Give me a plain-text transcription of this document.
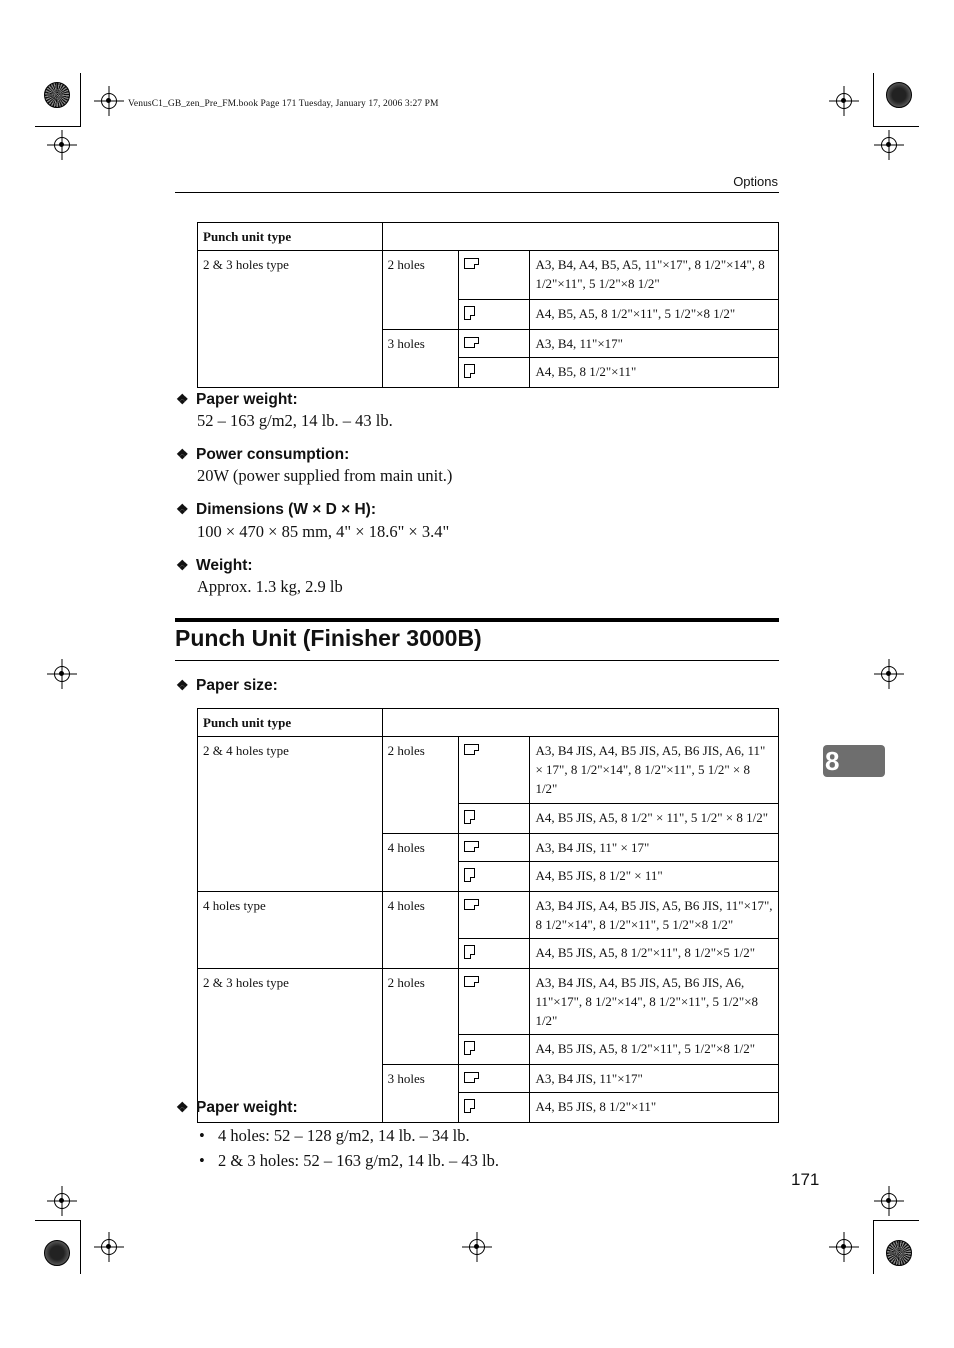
VenusC1_GB_zen_Pre_FM.book Page 171 Tuesday, January 17, 2006 3:27 PM
Options
Punch unit type			
2 & 3 holes type	2 holes		A3, B4, A4, B5, A5, 11"×17", 8 1/2"×14", 8 1/2"×11", 5 1/2"×8 1/2"
			A4, B5, A5, 8 1/2"×11", 5 1/2"×8 1/2"
	3 holes		A3, B4, 11"×17"
			A4, B5, 8 1/2"×11"
❖ Paper weight:
52 – 163 g/m2, 14 lb. – 43 lb.
❖ Power consumption:
20W (power supplied from main unit.)
❖ Dimensions (W × D × H):
100 × 470 × 85 mm, 4" × 18.6" × 3.4"
❖ Weight:
Approx. 1.3 kg, 2.9 lb
Punch Unit (Finisher 3000B)
❖ Paper size:
Punch unit type			
2 & 4 holes type	2 holes		A3, B4 JIS, A4, B5 JIS, A5, B6 JIS, A6, 11" × 17", 8 1/2"×14", 8 1/2"×11", 5 1/2" × 8 1/2"
			A4, B5 JIS, A5, 8 1/2" × 11", 5 1/2" × 8 1/2"
	4 holes		A3, B4 JIS, 11" × 17"
			A4, B5 JIS, 8 1/2" × 11"
4 holes type	4 holes		A3, B4 JIS, A4, B5 JIS, A5, B6 JIS, 11"×17", 8 1/2"×14", 8 1/2"×11", 5 1/2"×8 1/2"
			A4, B5 JIS, A5, 8 1/2"×11", 8 1/2"×5 1/2"
2 & 3 holes type	2 holes		A3, B4 JIS, A4, B5 JIS, A5, B6 JIS, A6, 11"×17", 8 1/2"×14", 8 1/2"×11", 5 1/2"×8 1/2"
			A4, B5 JIS, A5, 8 1/2"×11", 5 1/2"×8 1/2"
	3 holes		A3, B4 JIS, 11"×17"
			A4, B5 JIS, 8 1/2"×11"
❖ Paper weight:
• 4 holes: 52 – 128 g/m2, 14 lb. – 34 lb.
• 2 & 3 holes: 52 – 163 g/m2, 14 lb. – 43 lb.
8
171
